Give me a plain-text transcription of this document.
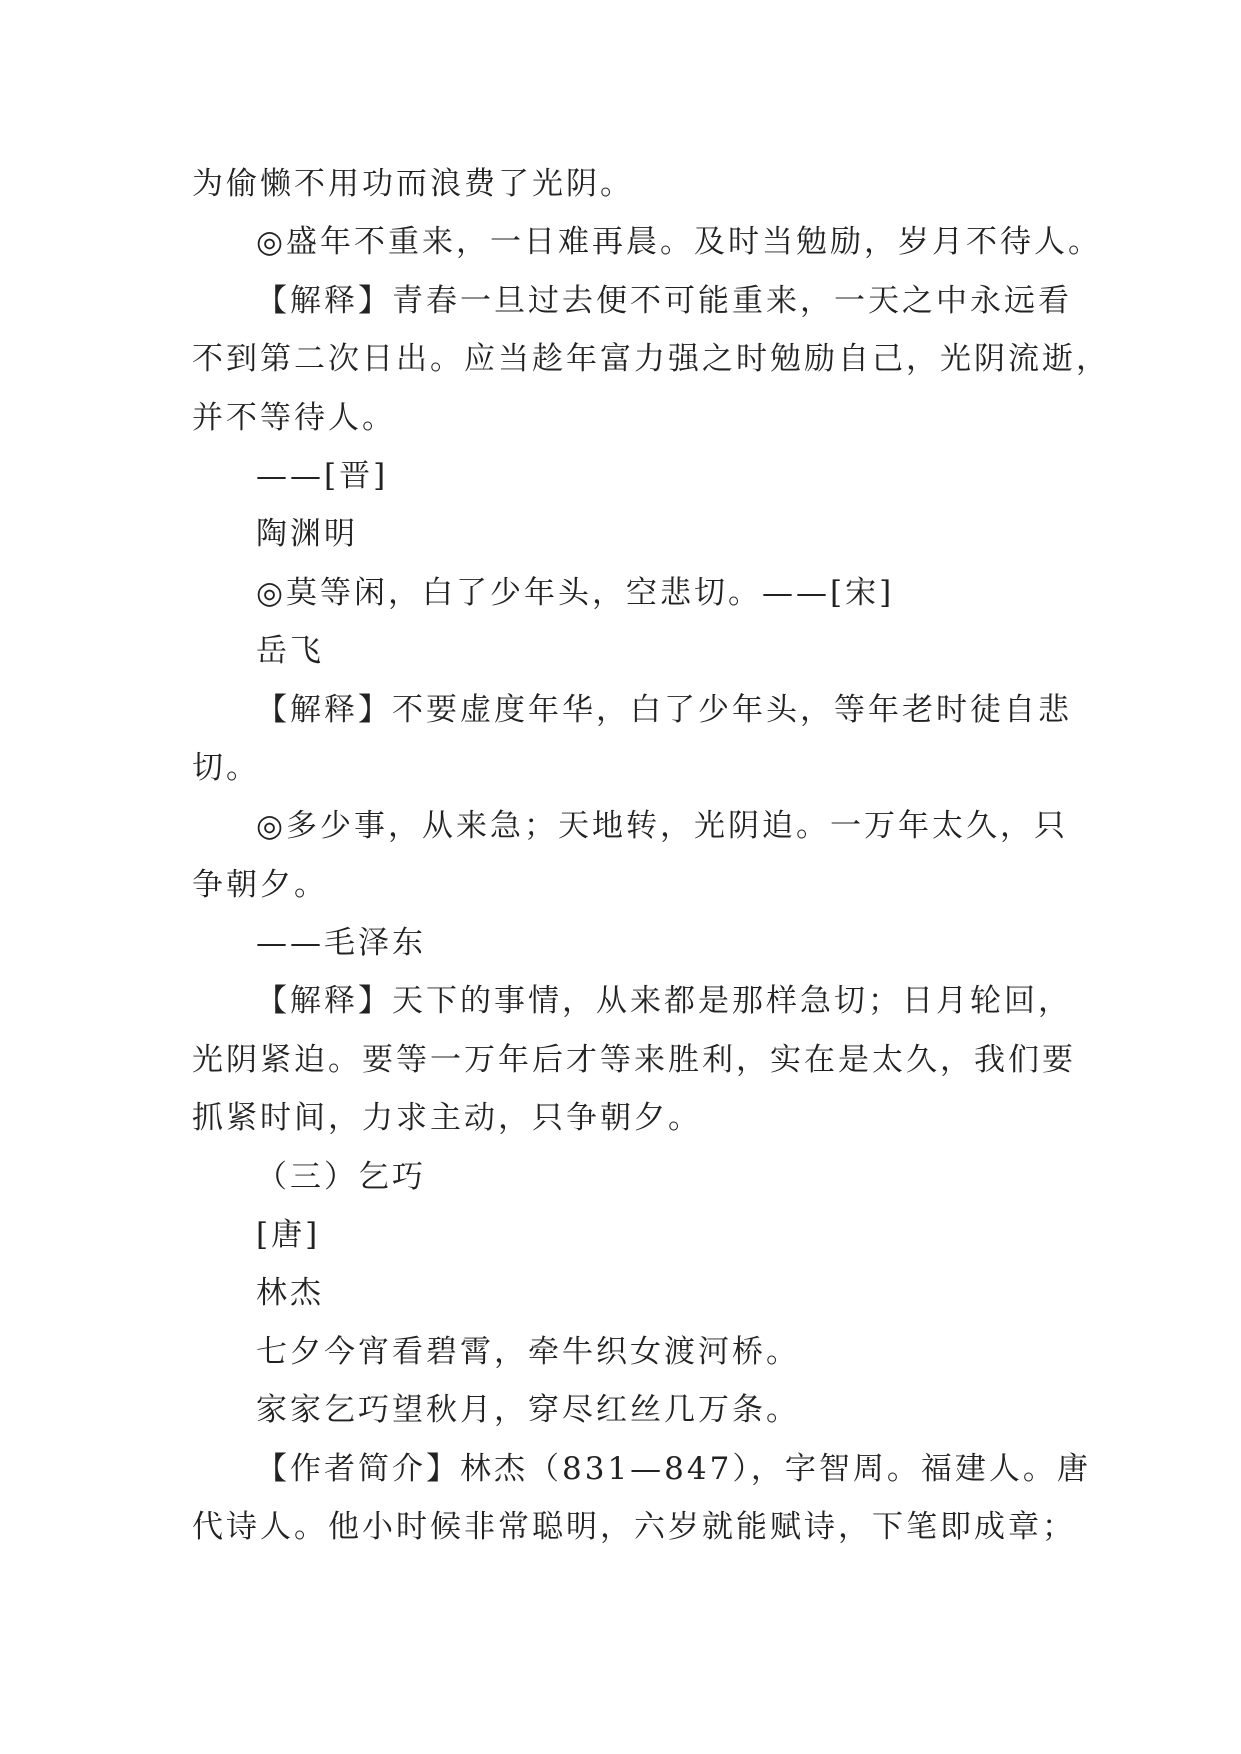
为偷懒不用功而浪费了光阴。
◎盛年不重来，一日难再晨。及时当勉励，岁月不待人。
【解释】青春一旦过去便不可能重来，一天之中永远看
不到第二次日出。应当趁年富力强之时勉励自己，光阴流逝，
并不等待人。
——[晋]
陶渊明
◎莫等闲，白了少年头，空悲切。——[宋]
岳飞
【解释】不要虚度年华，白了少年头，等年老时徒自悲
切。
◎多少事，从来急；天地转，光阴迫。一万年太久，只
争朝夕。
——毛泽东
【解释】天下的事情，从来都是那样急切；日月轮回，
光阴紧迫。要等一万年后才等来胜利，实在是太久，我们要
抓紧时间，力求主动，只争朝夕。
（三）乞巧
[唐]
林杰
七夕今宵看碧霄，牵牛织女渡河桥。
家家乞巧望秋月，穿尽红丝几万条。
【作者简介】林杰（831—847），字智周。福建人。唐
代诗人。他小时候非常聪明，六岁就能赋诗，下笔即成章；
